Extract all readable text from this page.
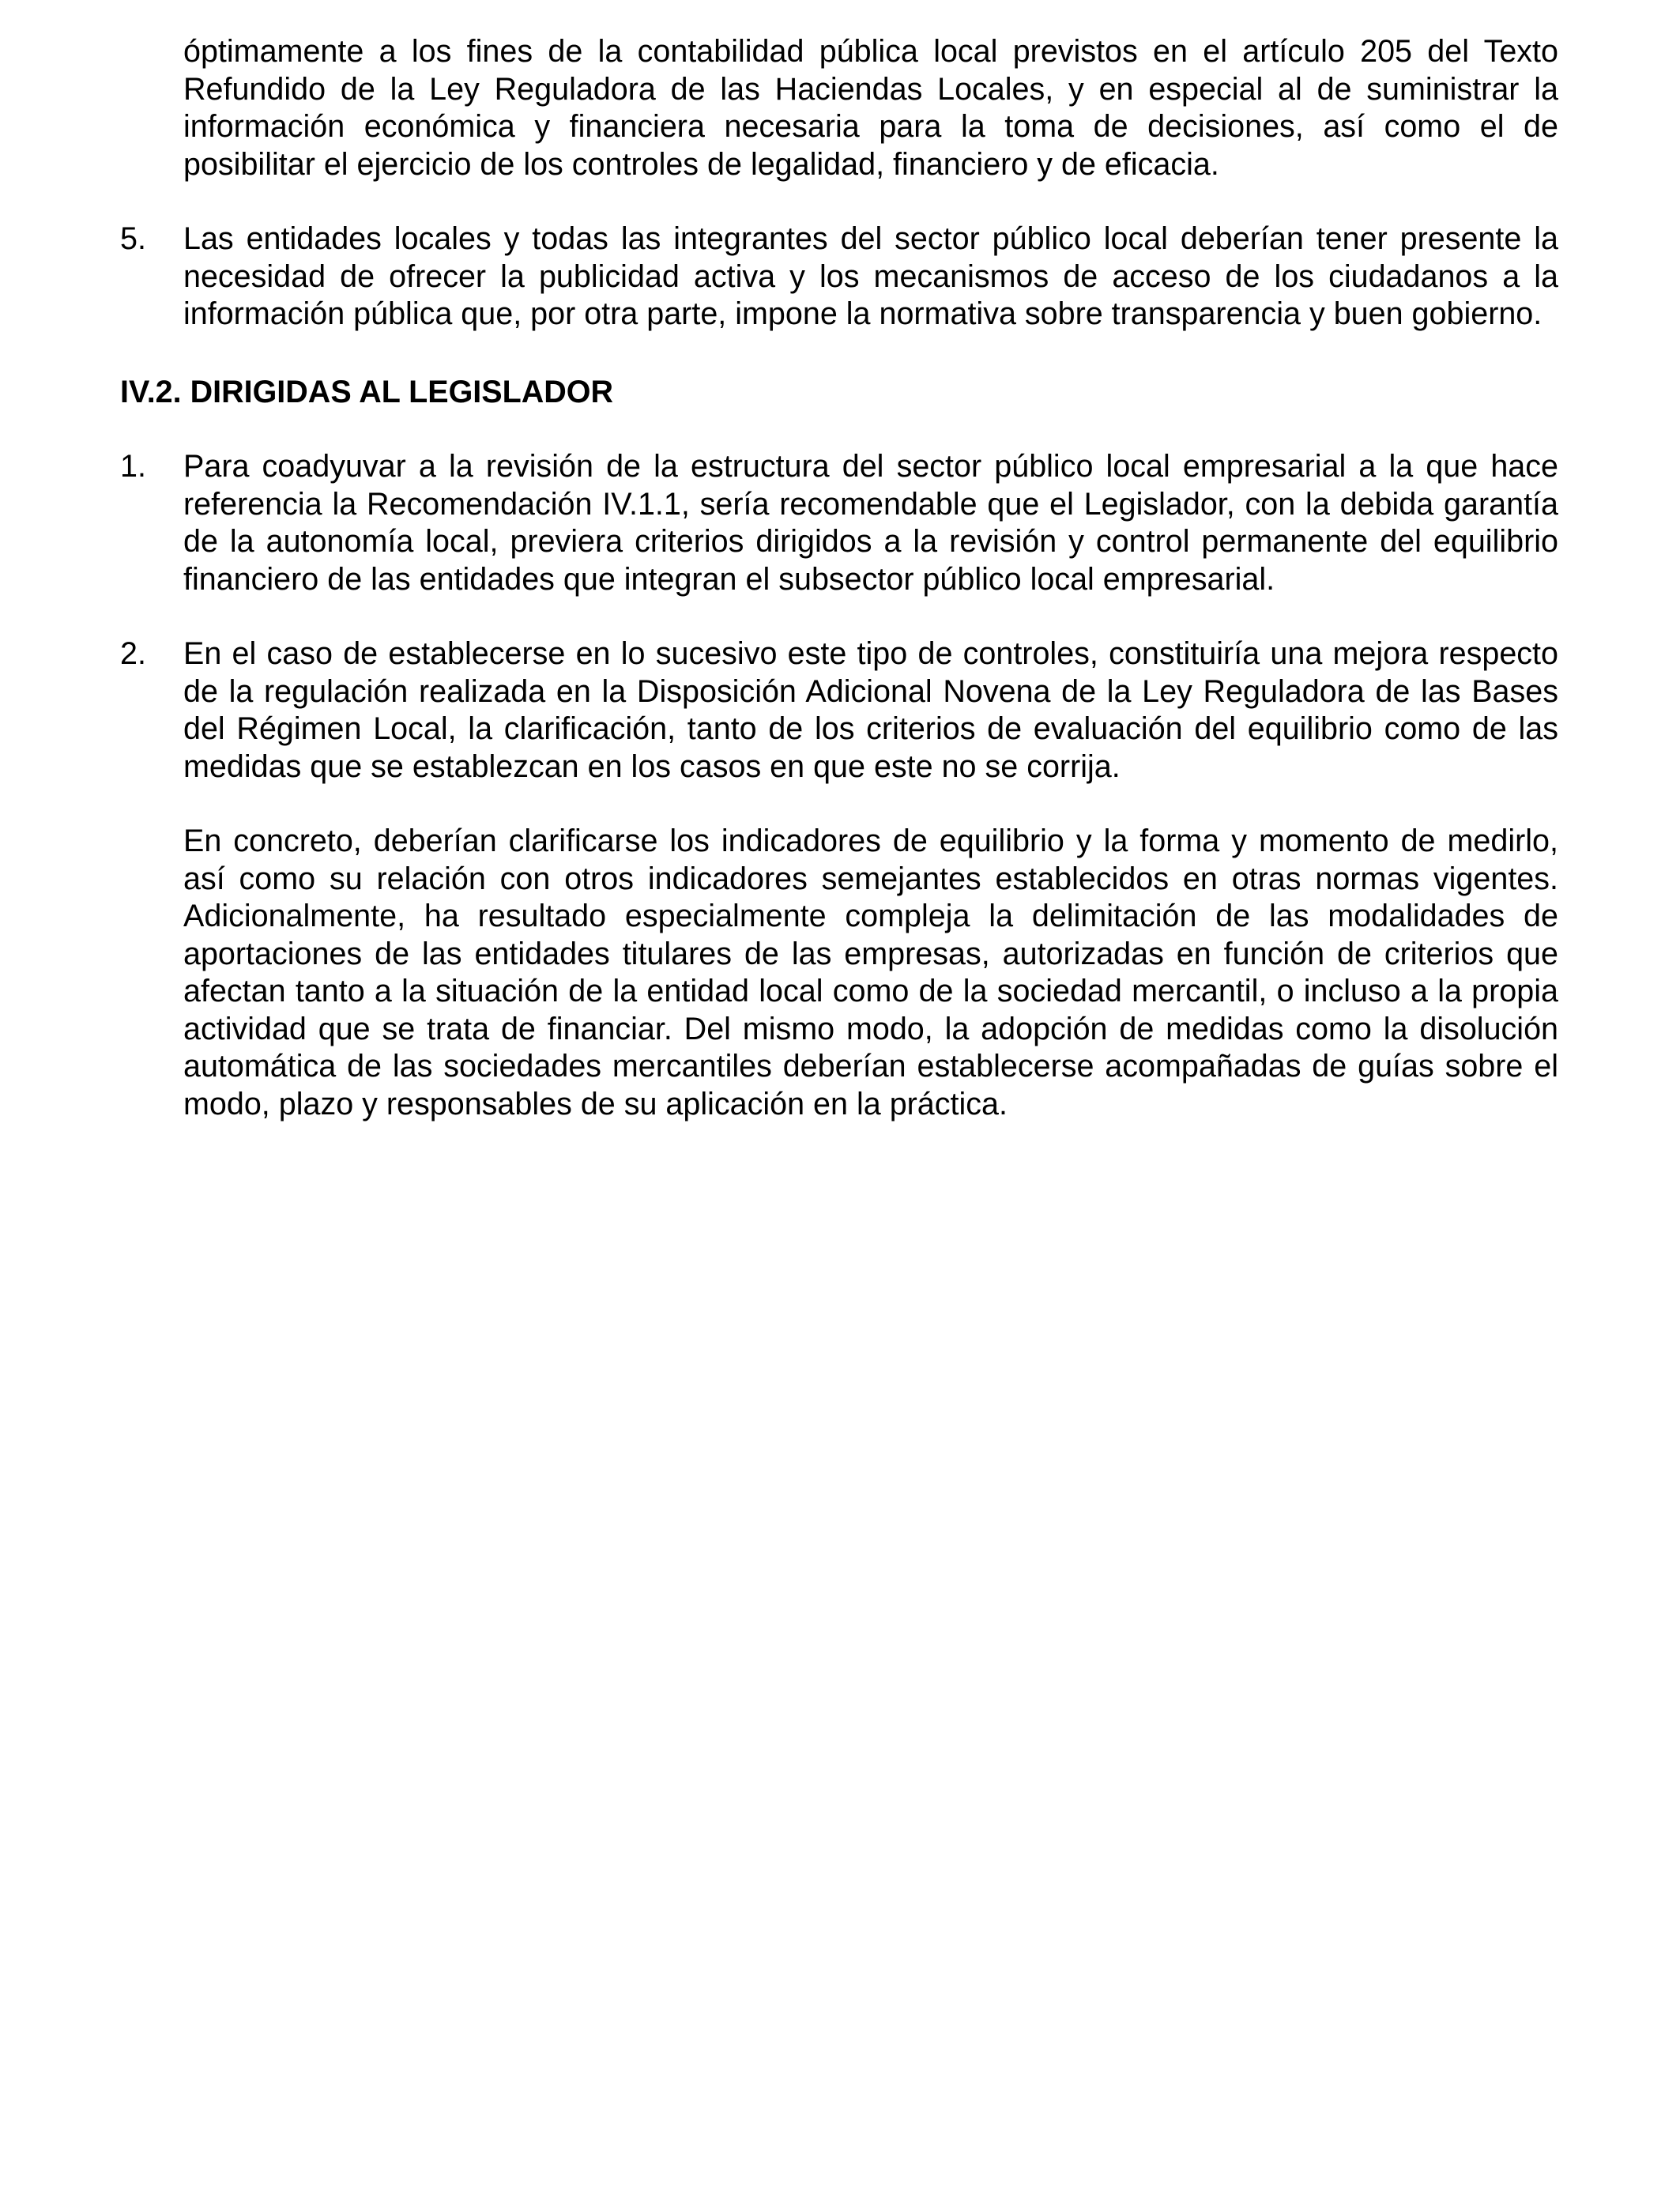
óptimamente a los fines de la contabilidad pública local previstos en el artículo 205 del Texto Refundido de la Ley Reguladora de las Haciendas Locales, y en especial al de suministrar la información económica y financiera necesaria para la toma de decisiones, así como el de posibilitar el ejercicio de los controles de legalidad, financiero y de eficacia.

5.	Las entidades locales y todas las integrantes del sector público local deberían tener presente la necesidad de ofrecer la publicidad activa y los mecanismos de acceso de los ciudadanos a la información pública que, por otra parte, impone la normativa sobre transparencia y buen gobierno.
IV.2. DIRIGIDAS AL LEGISLADOR
1.	Para coadyuvar a la revisión de la estructura del sector público local empresarial a la que hace referencia la Recomendación IV.1.1, sería recomendable que el Legislador, con la debida garantía de la autonomía local, previera criterios dirigidos a la revisión y control permanente del equilibrio financiero de las entidades que integran el subsector público local empresarial.
2.	En el caso de establecerse en lo sucesivo este tipo de controles, constituiría una mejora respecto de la regulación realizada en la Disposición Adicional Novena de la Ley Reguladora de las Bases del Régimen Local, la clarificación, tanto de los criterios de evaluación del equilibrio como de las medidas que se establezcan en los casos en que este no se corrija.

En concreto, deberían clarificarse los indicadores de equilibrio y la forma y momento de medirlo, así como su relación con otros indicadores semejantes establecidos en otras normas vigentes. Adicionalmente, ha resultado especialmente compleja la delimitación de las modalidades de aportaciones de las entidades titulares de las empresas, autorizadas en función de criterios que afectan tanto a la situación de la entidad local como de la sociedad mercantil, o incluso a la propia actividad que se trata de financiar. Del mismo modo, la adopción de medidas como la disolución automática de las sociedades mercantiles deberían establecerse acompañadas de guías sobre el modo, plazo y responsables de su aplicación en la práctica.
